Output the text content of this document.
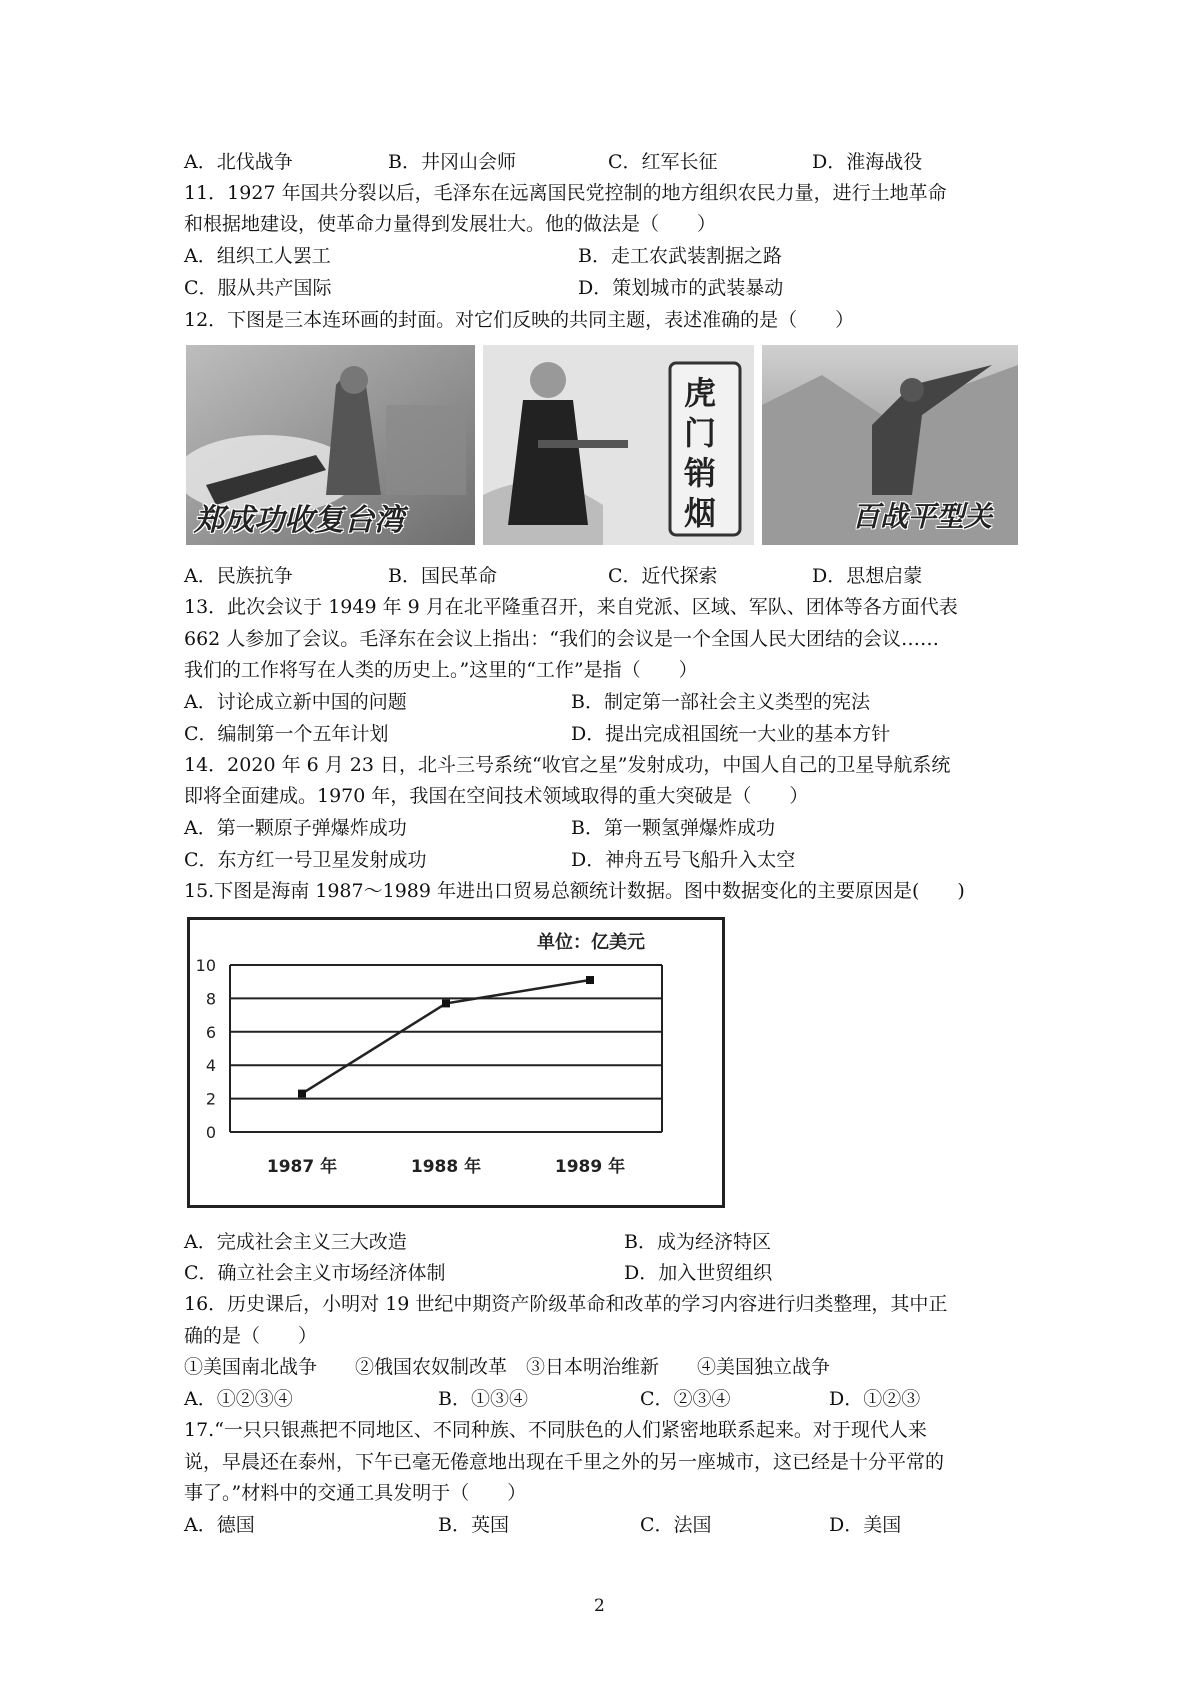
A．北伐战争	B．井冈山会师	C．红军长征	D．淮海战役
11．1927 年国共分裂以后，毛泽东在远离国民党控制的地方组织农民力量，进行土地革命
和根据地建设，使革命力量得到发展壮大。他的做法是（　　）
A．组织工人罢工	B．走工农武装割据之路
C．服从共产国际	D．策划城市的武装暴动
12．下图是三本连环画的封面。对它们反映的共同主题，表述准确的是（　　）
郑成功收复台湾
虎门销烟	百战平型关
A．民族抗争	B．国民革命	C．近代探索	D．思想启蒙
13．此次会议于 1949 年 9 月在北平隆重召开，来自党派、区域、军队、团体等各方面代表
662 人参加了会议。毛泽东在会议上指出：“我们的会议是一个全国人民大团结的会议……
我们的工作将写在人类的历史上。”这里的“工作”是指（　　）
A．讨论成立新中国的问题	B．制定第一部社会主义类型的宪法
C．编制第一个五年计划	D．提出完成祖国统一大业的基本方针
14．2020 年 6 月 23 日，北斗三号系统“收官之星”发射成功，中国人自己的卫星导航系统
即将全面建成。1970 年，我国在空间技术领域取得的重大突破是（　　）
A．第一颗原子弹爆炸成功	B．第一颗氢弹爆炸成功
C．东方红一号卫星发射成功	D．神舟五号飞船升入太空
15.下图是海南 1987～1989 年进出口贸易总额统计数据。图中数据变化的主要原因是(　　)
0
2
4
6
8
10
1987 年	1988 年	1989 年
单位：亿美元
A．完成社会主义三大改造	B．成为经济特区
C．确立社会主义市场经济体制	D．加入世贸组织
16．历史课后，小明对 19 世纪中期资产阶级革命和改革的学习内容进行归类整理，其中正
确的是（　　）
①美国南北战争　　②俄国农奴制改革　③日本明治维新　　④美国独立战争
A．①②③④	B．①③④	C．②③④	D．①②③
17.“一只只银燕把不同地区、不同种族、不同肤色的人们紧密地联系起来。对于现代人来
说，早晨还在泰州，下午已毫无倦意地出现在千里之外的另一座城市，这已经是十分平常的
事了。”材料中的交通工具发明于（　　）
A．德国	B．英国	C．法国	D．美国
2
